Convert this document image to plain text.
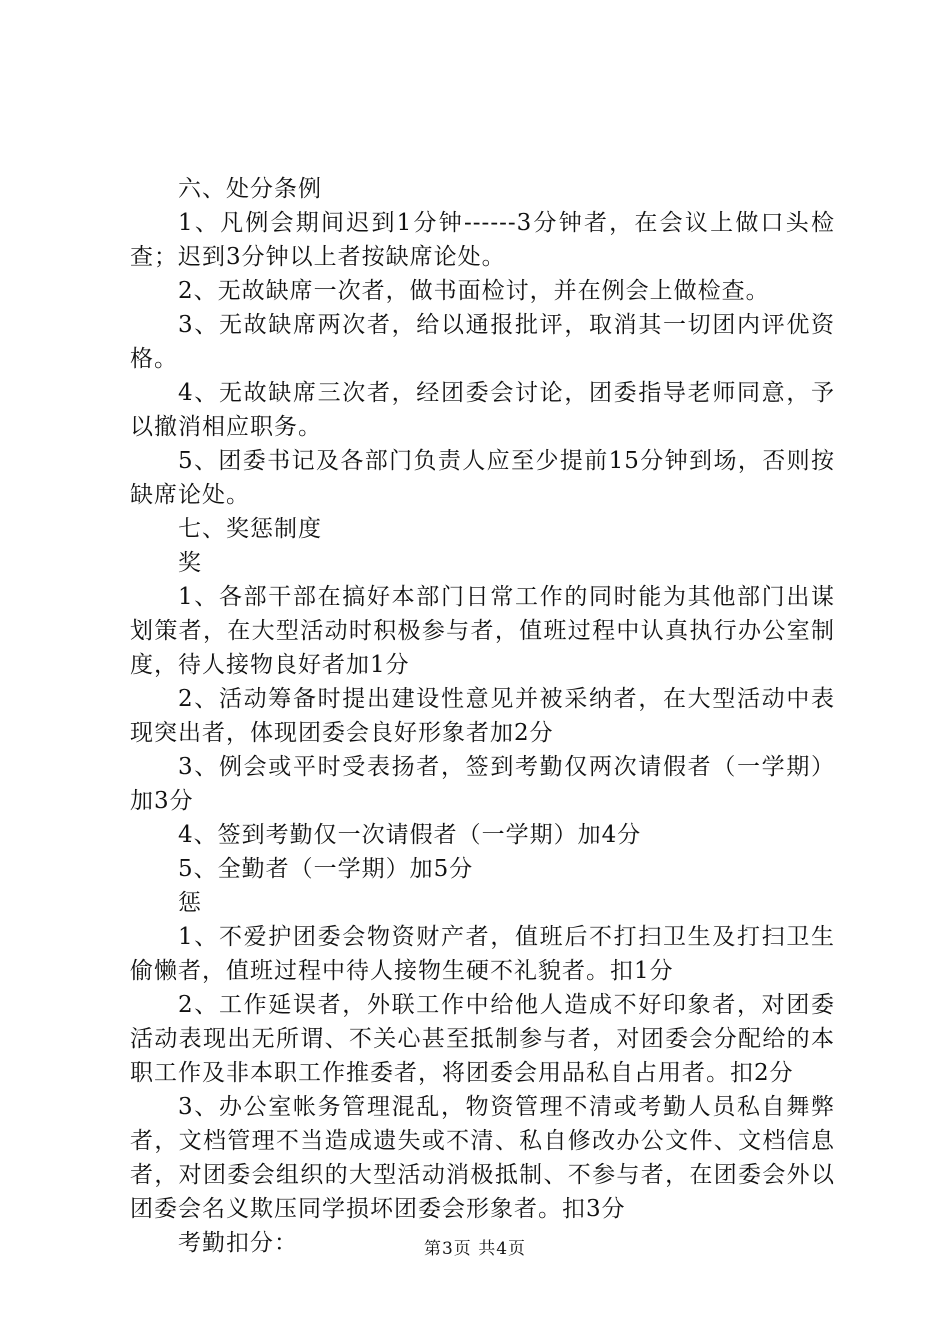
六、处分条例

1、凡例会期间迟到1分钟------3分钟者，在会议上做口头检查；迟到3分钟以上者按缺席论处。

2、无故缺席一次者，做书面检讨，并在例会上做检查。

3、无故缺席两次者，给以通报批评，取消其一切团内评优资格。

4、无故缺席三次者，经团委会讨论，团委指导老师同意，予以撤消相应职务。

5、团委书记及各部门负责人应至少提前15分钟到场，否则按缺席论处。

七、奖惩制度

奖

1、各部干部在搞好本部门日常工作的同时能为其他部门出谋划策者，在大型活动时积极参与者，值班过程中认真执行办公室制度，待人接物良好者加1分

2、活动筹备时提出建设性意见并被采纳者，在大型活动中表现突出者，体现团委会良好形象者加2分

3、例会或平时受表扬者，签到考勤仅两次请假者（一学期）加3分

4、签到考勤仅一次请假者（一学期）加4分

5、全勤者（一学期）加5分

惩

1、不爱护团委会物资财产者，值班后不打扫卫生及打扫卫生偷懒者，值班过程中待人接物生硬不礼貌者。扣1分

2、工作延误者，外联工作中给他人造成不好印象者，对团委活动表现出无所谓、不关心甚至抵制参与者，对团委会分配给的本职工作及非本职工作推委者，将团委会用品私自占用者。扣2分

3、办公室帐务管理混乱，物资管理不清或考勤人员私自舞弊者，文档管理不当造成遗失或不清、私自修改办公文件、文档信息者，对团委会组织的大型活动消极抵制、不参与者，在团委会外以团委会名义欺压同学损坏团委会形象者。扣3分

考勤扣分：	第3页 共4页
